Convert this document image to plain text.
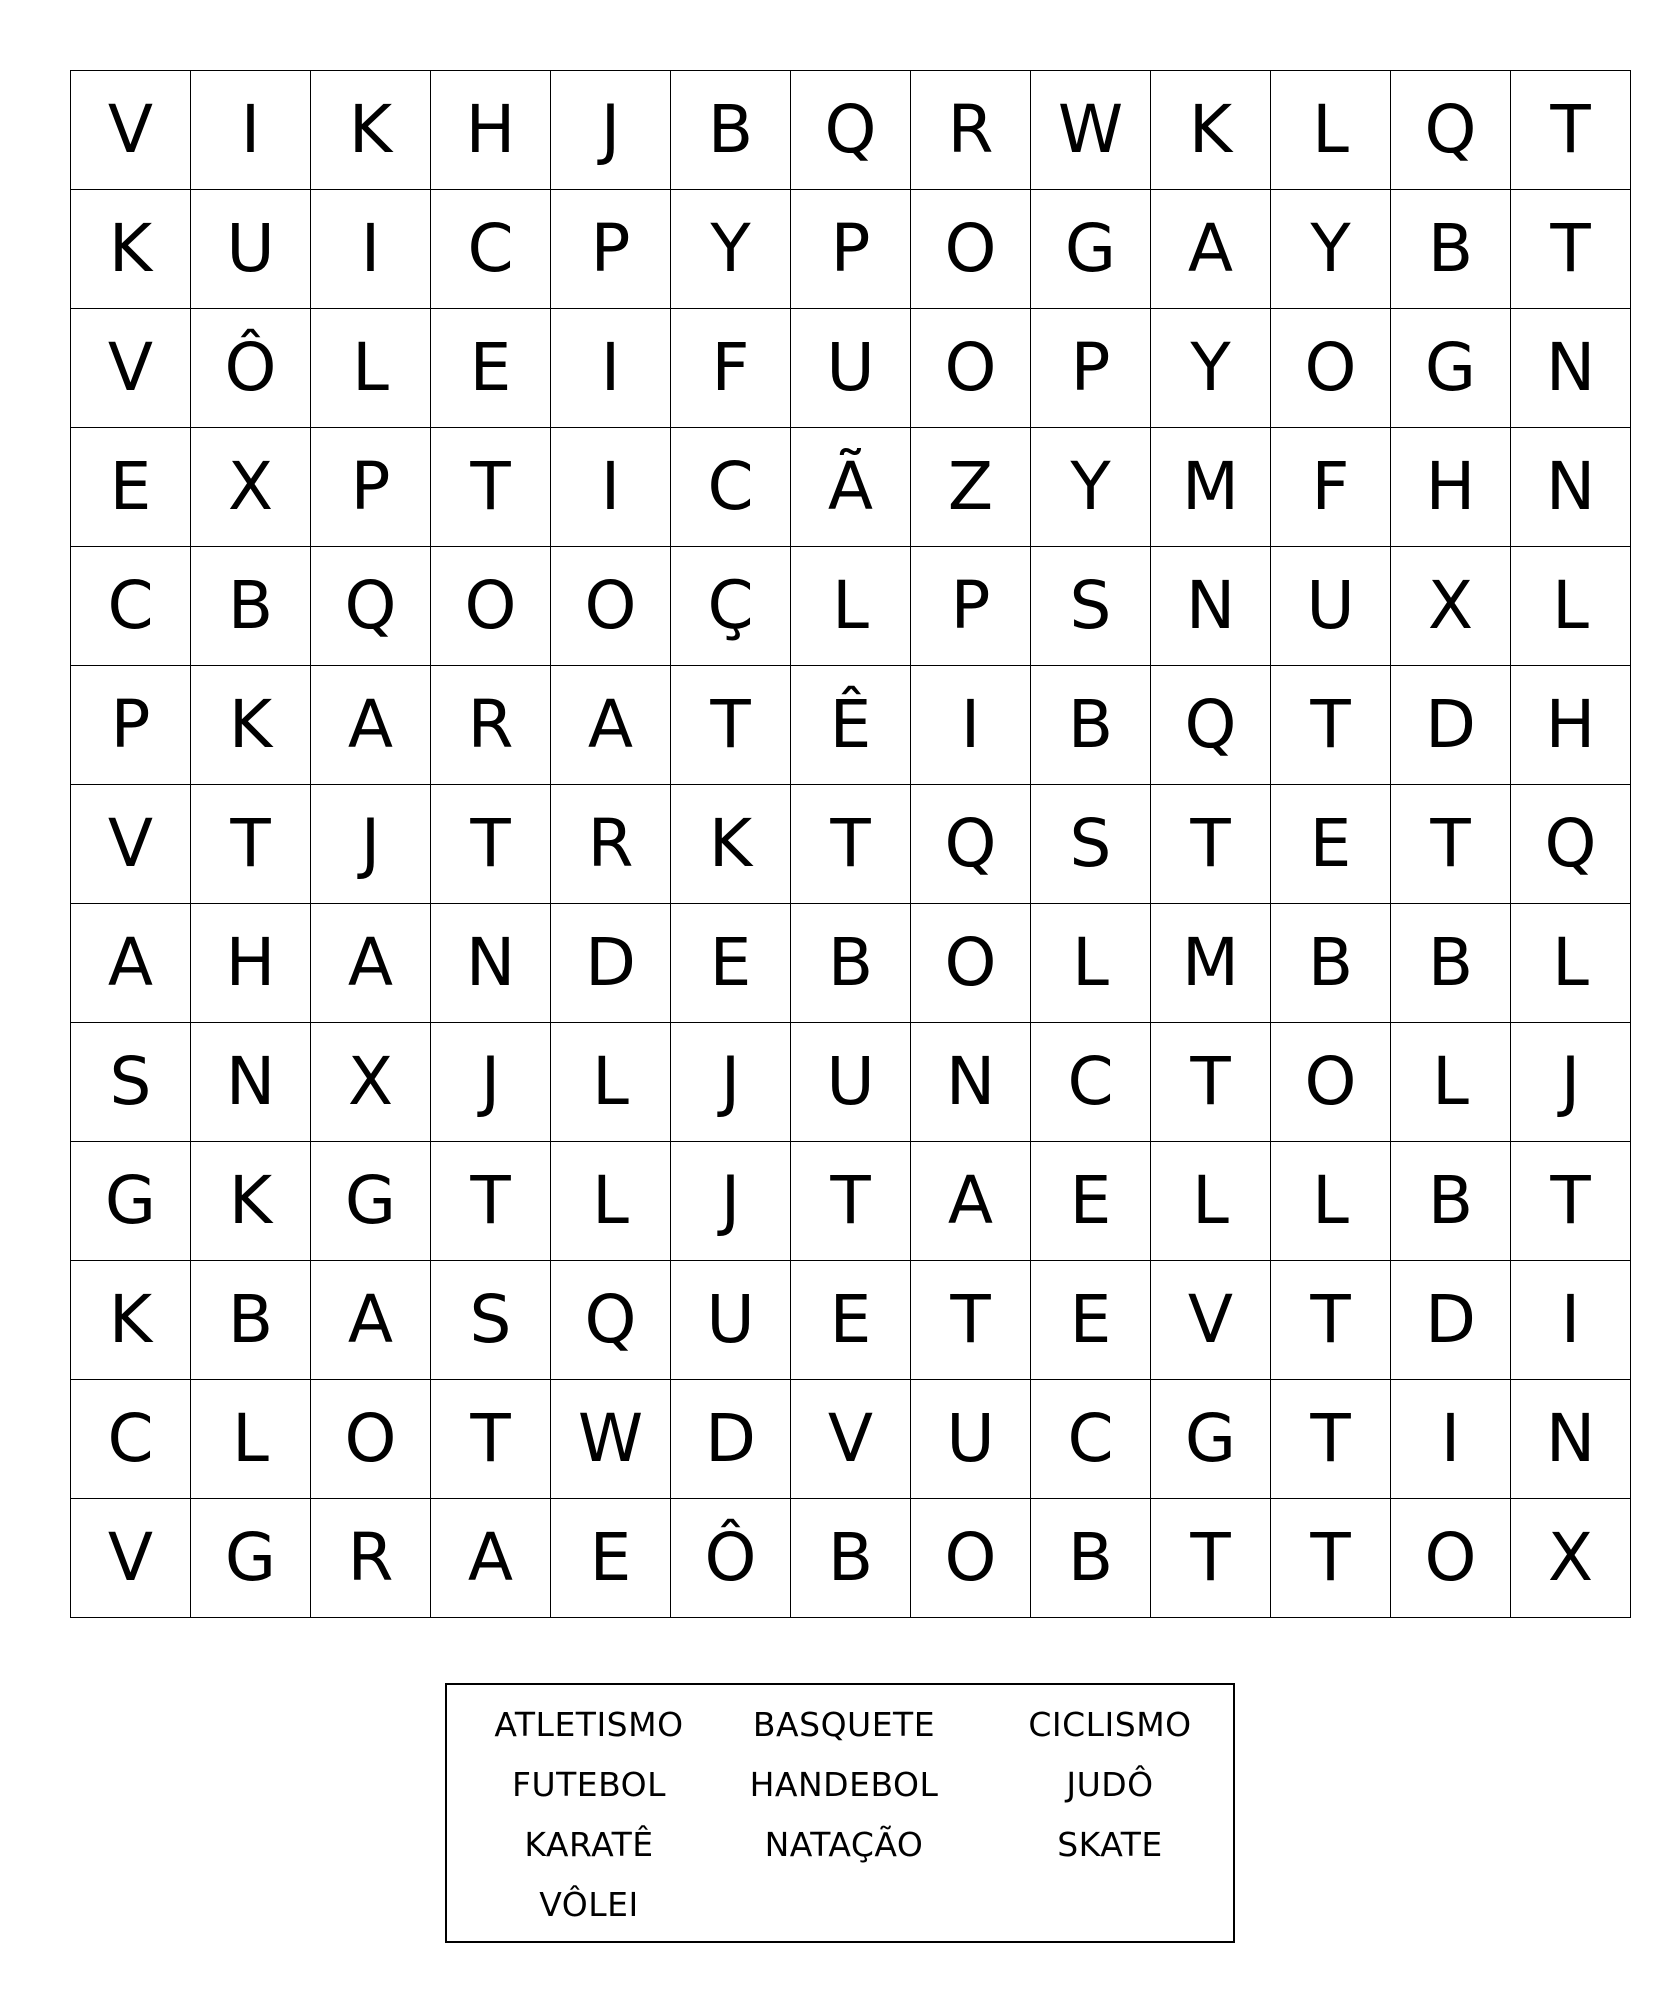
V	I	K	H	J	B	Q	R	W	K	L	Q	T
K	U	I	C	P	Y	P	O	G	A	Y	B	T
V	Ô	L	E	I	F	U	O	P	Y	O	G	N
E	X	P	T	I	C	Ã	Z	Y	M	F	H	N
C	B	Q	O	O	Ç	L	P	S	N	U	X	L
P	K	A	R	A	T	Ê	I	B	Q	T	D	H
V	T	J	T	R	K	T	Q	S	T	E	T	Q
A	H	A	N	D	E	B	O	L	M	B	B	L
S	N	X	J	L	J	U	N	C	T	O	L	J
G	K	G	T	L	J	T	A	E	L	L	B	T
K	B	A	S	Q	U	E	T	E	V	T	D	I
C	L	O	T	W	D	V	U	C	G	T	I	N
V	G	R	A	E	Ô	B	O	B	T	T	O	X
ATLETISMO	BASQUETE	CICLISMO
FUTEBOL	HANDEBOL	JUDÔ
KARATÊ	NATAÇÃO	SKATE
VÔLEI
